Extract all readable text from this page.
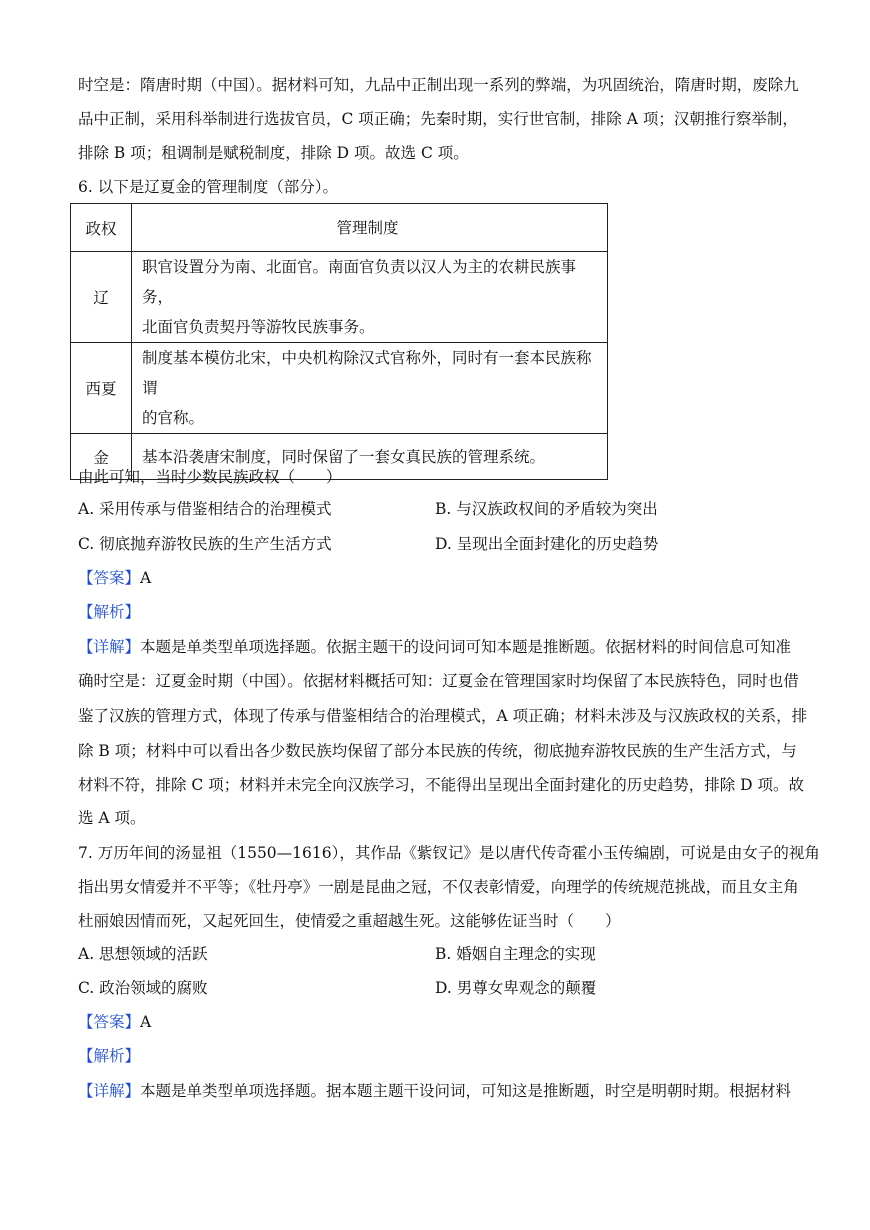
时空是：隋唐时期（中国）。据材料可知，九品中正制出现一系列的弊端，为巩固统治，隋唐时期，废除九
品中正制，采用科举制进行选拔官员，C 项正确；先秦时期，实行世官制，排除 A 项；汉朝推行察举制，
排除 B 项；租调制是赋税制度，排除 D 项。故选 C 项。
6. 以下是辽夏金的管理制度（部分）。
政权	管理制度
辽	职官设置分为南、北面官。南面官负责以汉人为主的农耕民族事务，
北面官负责契丹等游牧民族事务。

西夏	制度基本模仿北宋，中央机构除汉式官称外，同时有一套本民族称谓
的官称。

金	基本沿袭唐宋制度，同时保留了一套女真民族的管理系统。
由此可知，当时少数民族政权（　　）
A. 采用传承与借鉴相结合的治理模式	B. 与汉族政权间的矛盾较为突出
C. 彻底抛弃游牧民族的生产生活方式	D. 呈现出全面封建化的历史趋势
【答案】A
【解析】
【详解】本题是单类型单项选择题。依据主题干的设问词可知本题是推断题。依据材料的时间信息可知准
确时空是：辽夏金时期（中国）。依据材料概括可知：辽夏金在管理国家时均保留了本民族特色，同时也借
鉴了汉族的管理方式，体现了传承与借鉴相结合的治理模式，A 项正确；材料未涉及与汉族政权的关系，排
除 B 项；材料中可以看出各少数民族均保留了部分本民族的传统，彻底抛弃游牧民族的生产生活方式，与
材料不符，排除 C 项；材料并未完全向汉族学习，不能得出呈现出全面封建化的历史趋势，排除 D 项。故
选 A 项。
7. 万历年间的汤显祖（1550—1616），其作品《紫钗记》是以唐代传奇霍小玉传编剧，可说是由女子的视角
指出男女情爱并不平等；《牡丹亭》一剧是昆曲之冠，不仅表彰情爱，向理学的传统规范挑战，而且女主角
杜丽娘因情而死，又起死回生，使情爱之重超越生死。这能够佐证当时（　　）
A. 思想领域的活跃	B. 婚姻自主理念的实现
C. 政治领域的腐败	D. 男尊女卑观念的颠覆
【答案】A
【解析】
【详解】本题是单类型单项选择题。据本题主题干设问词，可知这是推断题，时空是明朝时期。根据材料
